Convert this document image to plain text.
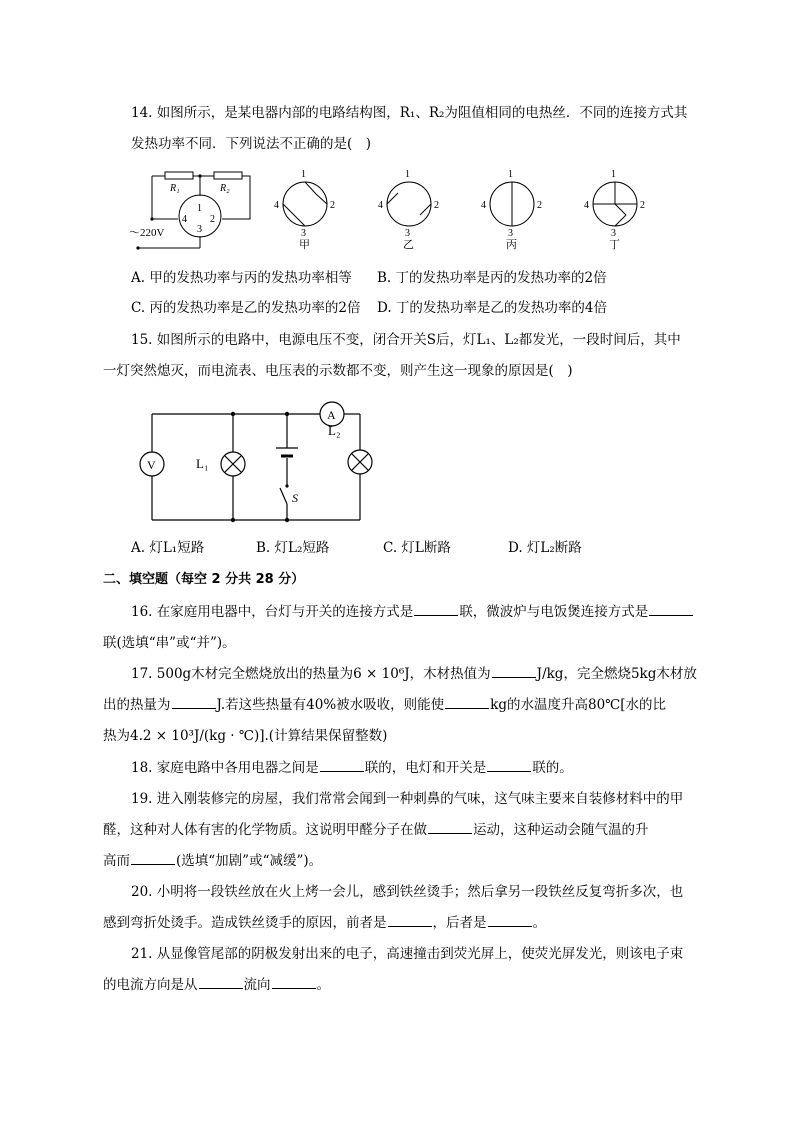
14. 如图所示，是某电器内部的电路结构图，R₁、R₂为阻值相同的电热丝．不同的连接方式其
发热功率不同．下列说法不正确的是(　)
R₁	R₂
～220V
1
2
3
4
1
2
3
4
甲
1
2
3
4
乙
1
2
3
4
丙
1
2
3
4
丁
A. 甲的发热功率与丙的发热功率相等 B. 丁的发热功率是丙的发热功率的2倍
C. 丙的发热功率是乙的发热功率的2倍 D. 丁的发热功率是乙的发热功率的4倍
15. 如图所示的电路中，电源电压不变，闭合开关S后，灯L₁、L₂都发光，一段时间后，其中
一灯突然熄灭，而电流表、电压表的示数都不变，则产生这一现象的原因是(　)
V
A
L₁
L₂
S
A. 灯L₁短路	B. 灯L₂短路	C. 灯L断路	D. 灯L₂断路
二、填空题（每空 2 分共 28 分）
16. 在家庭用电器中，台灯与开关的连接方式是	联，微波炉与电饭煲连接方式是
联(选填“串”或“并”)。
17. 500g木材完全燃烧放出的热量为6 × 10⁶J，木材热值为	J/kg，完全燃烧5kg木材放
出的热量为	J.若这些热量有40%被水吸收，则能使	kg的水温度升高80℃[水的比
热为4.2 × 10³J/(kg · ℃)].(计算结果保留整数)
18. 家庭电路中各用电器之间是	联的，电灯和开关是	联的。
19. 进入刚装修完的房屋，我们常常会闻到一种刺鼻的气味，这气味主要来自装修材料中的甲
醛，这种对人体有害的化学物质。这说明甲醛分子在做	运动，这种运动会随气温的升
高而	(选填“加剧”或“减缓”)。
20. 小明将一段铁丝放在火上烤一会儿，感到铁丝烫手；然后拿另一段铁丝反复弯折多次，也
感到弯折处烫手。造成铁丝烫手的原因，前者是	，后者是	。
21. 从显像管尾部的阴极发射出来的电子，高速撞击到荧光屏上，使荧光屏发光，则该电子束
的电流方向是从	流向	。
